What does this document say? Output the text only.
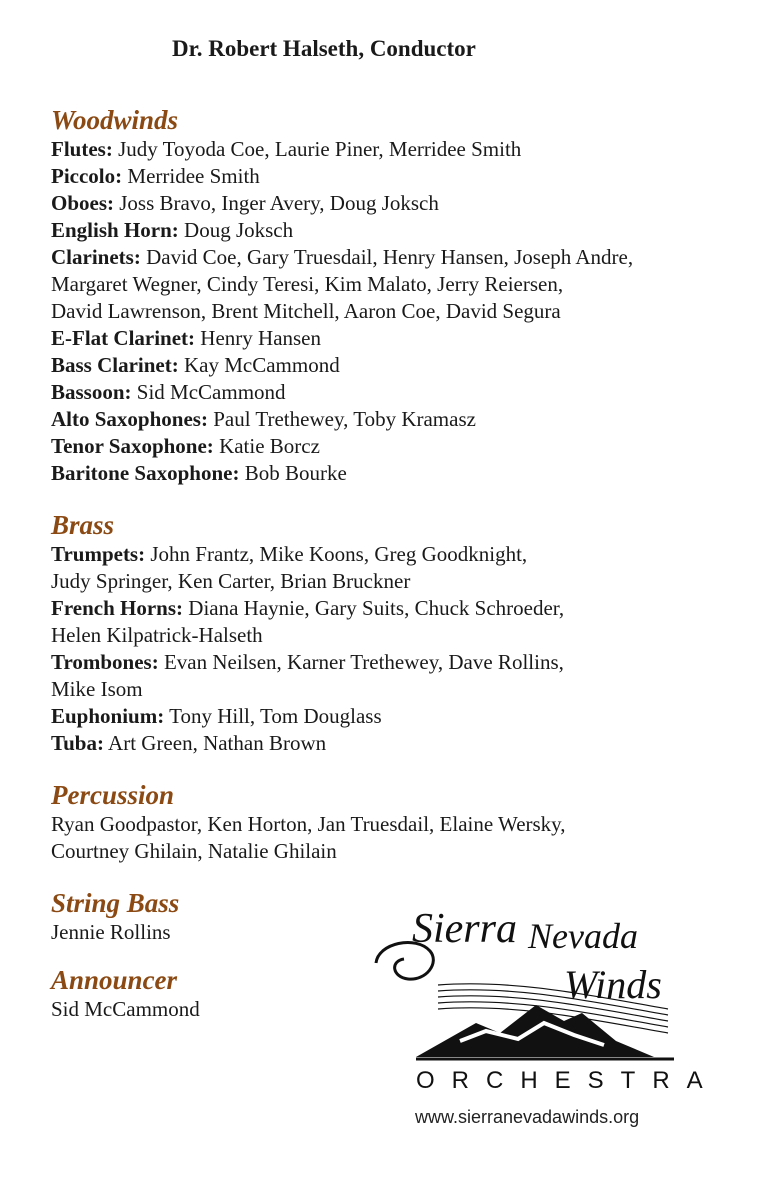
Dr. Robert Halseth, Conductor
Woodwinds
Flutes: Judy Toyoda Coe, Laurie Piner, Merridee Smith
Piccolo: Merridee Smith
Oboes: Joss Bravo, Inger Avery, Doug Joksch
English Horn: Doug Joksch
Clarinets: David Coe, Gary Truesdail, Henry Hansen, Joseph Andre,
Margaret Wegner, Cindy Teresi, Kim Malato, Jerry Reiersen,
David Lawrenson, Brent Mitchell, Aaron Coe, David Segura
E-Flat Clarinet: Henry Hansen
Bass Clarinet: Kay McCammond
Bassoon: Sid McCammond
Alto Saxophones: Paul Trethewey, Toby Kramasz
Tenor Saxophone: Katie Borcz
Baritone Saxophone: Bob Bourke
Brass
Trumpets: John Frantz, Mike Koons, Greg Goodknight,
Judy Springer, Ken Carter, Brian Bruckner
French Horns: Diana Haynie, Gary Suits, Chuck Schroeder,
Helen Kilpatrick-Halseth
Trombones: Evan Neilsen, Karner Trethewey, Dave Rollins,
Mike Isom
Euphonium: Tony Hill, Tom Douglass
Tuba: Art Green, Nathan Brown
Percussion
Ryan Goodpastor, Ken Horton, Jan Truesdail, Elaine Wersky,
Courtney Ghilain, Natalie Ghilain
String Bass
Jennie Rollins
Announcer
Sid McCammond
Sierra Nevada
Winds
ORCHESTRA
www.sierranevadawinds.org
